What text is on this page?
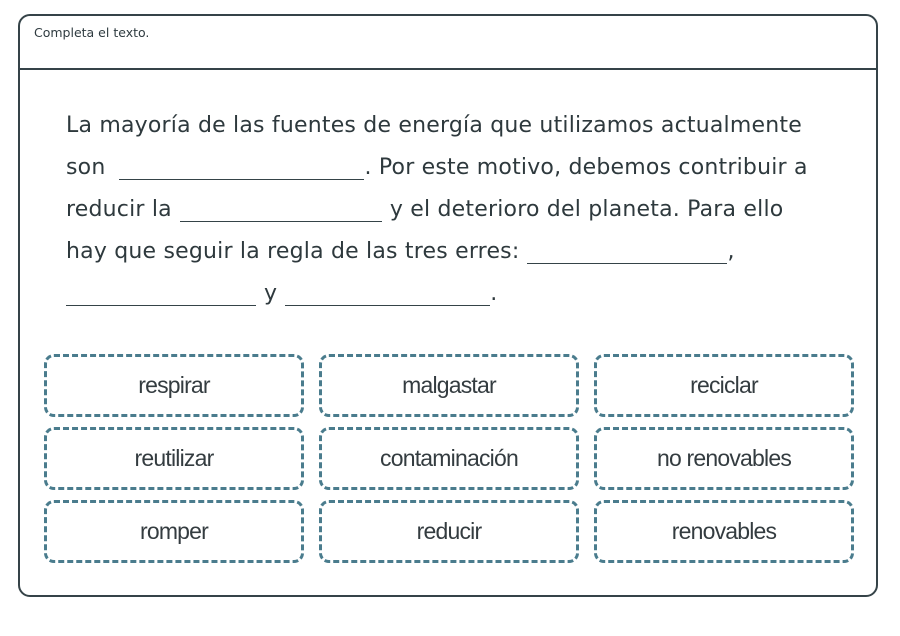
Completa el texto.
La mayoría de las fuentes de energía que utilizamos actualmente
son	. Por este motivo, debemos contribuir a
reducir la	y el deterioro del planeta. Para ello
hay que seguir la regla de las tres erres:	,
y	.
respirar	malgastar	reciclar
reutilizar	contaminación	no renovables
romper	reducir	renovables
